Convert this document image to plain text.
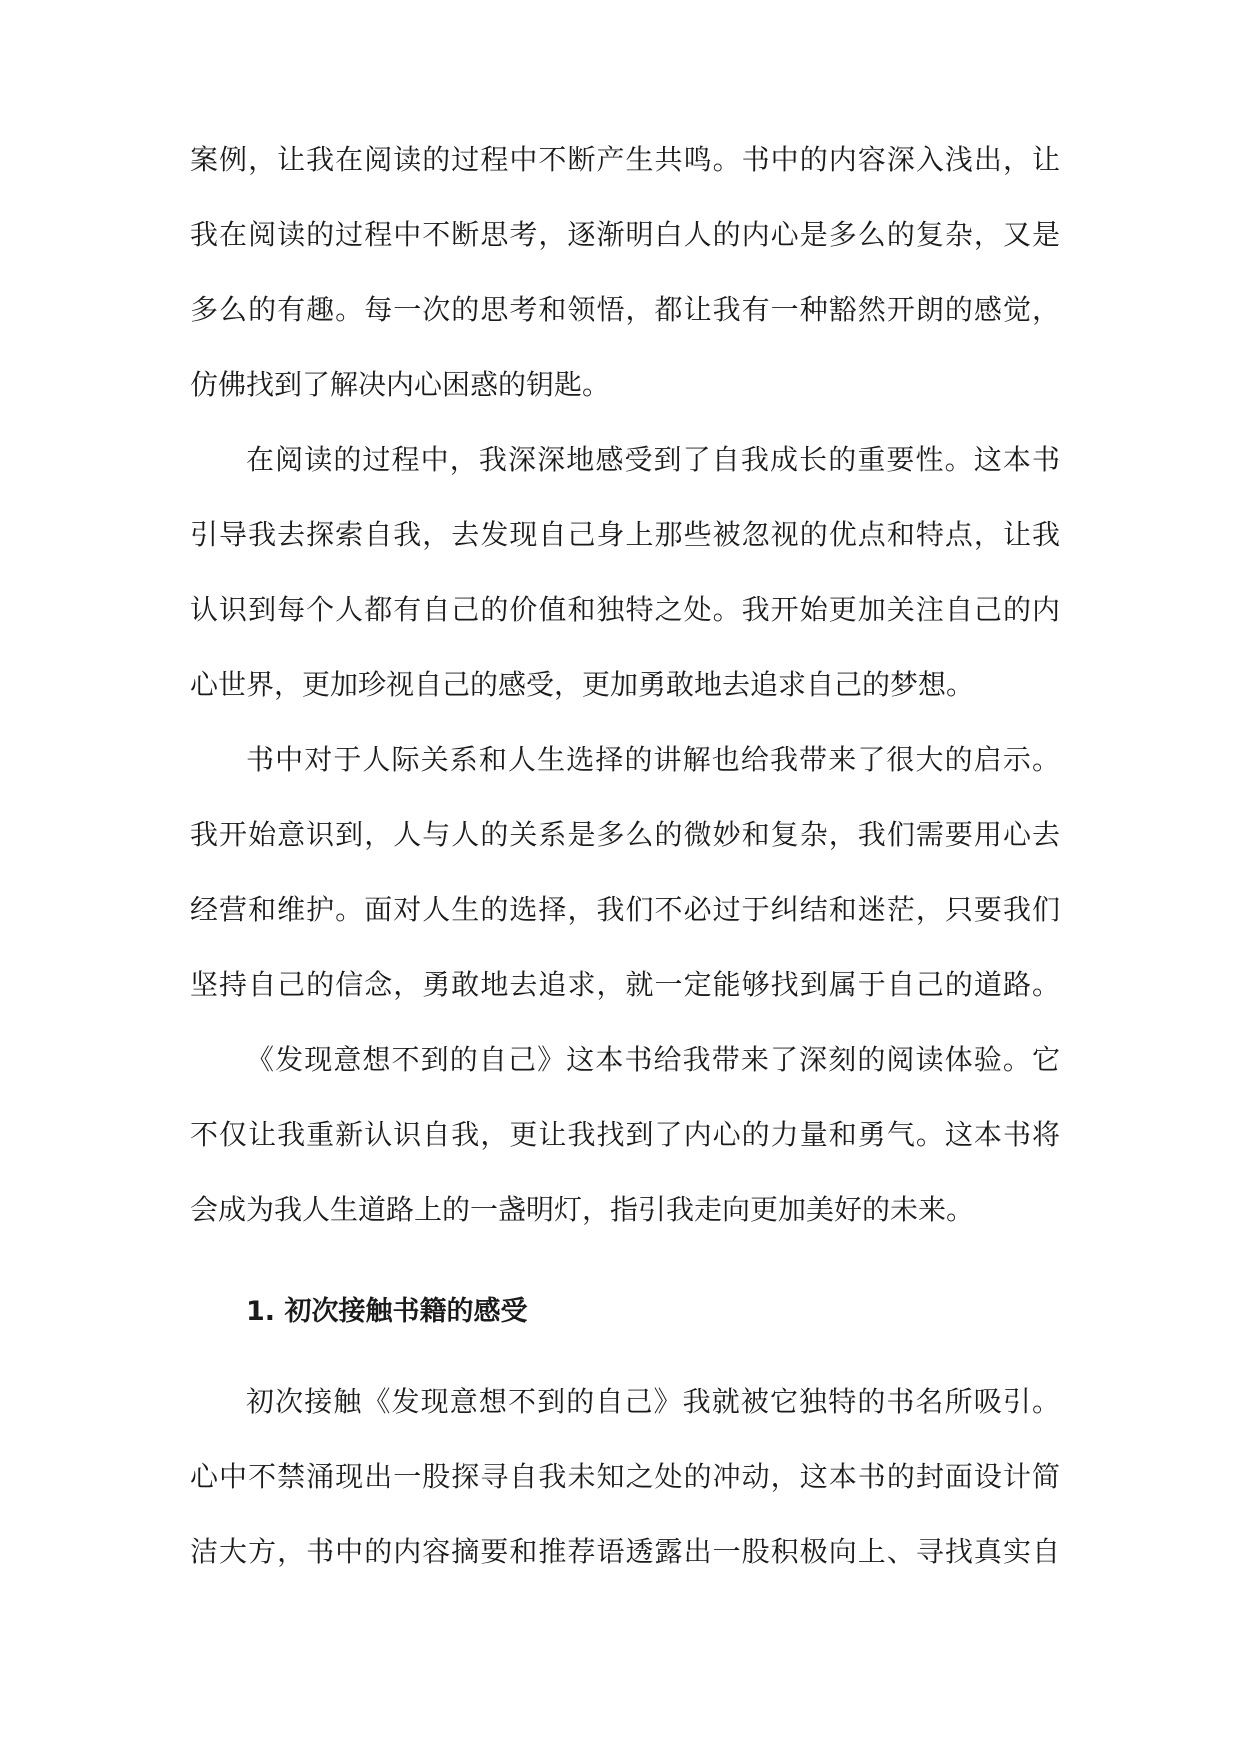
案例，让我在阅读的过程中不断产生共鸣。书中的内容深入浅出，让
我在阅读的过程中不断思考，逐渐明白人的内心是多么的复杂，又是
多么的有趣。每一次的思考和领悟，都让我有一种豁然开朗的感觉，
仿佛找到了解决内心困惑的钥匙。
在阅读的过程中，我深深地感受到了自我成长的重要性。这本书
引导我去探索自我，去发现自己身上那些被忽视的优点和特点，让我
认识到每个人都有自己的价值和独特之处。我开始更加关注自己的内
心世界，更加珍视自己的感受，更加勇敢地去追求自己的梦想。
书中对于人际关系和人生选择的讲解也给我带来了很大的启示。
我开始意识到，人与人的关系是多么的微妙和复杂，我们需要用心去
经营和维护。面对人生的选择，我们不必过于纠结和迷茫，只要我们
坚持自己的信念，勇敢地去追求，就一定能够找到属于自己的道路。
《发现意想不到的自己》这本书给我带来了深刻的阅读体验。它
不仅让我重新认识自我，更让我找到了内心的力量和勇气。这本书将
会成为我人生道路上的一盏明灯，指引我走向更加美好的未来。
1. 初次接触书籍的感受
初次接触《发现意想不到的自己》我就被它独特的书名所吸引。
心中不禁涌现出一股探寻自我未知之处的冲动，这本书的封面设计简
洁大方，书中的内容摘要和推荐语透露出一股积极向上、寻找真实自
